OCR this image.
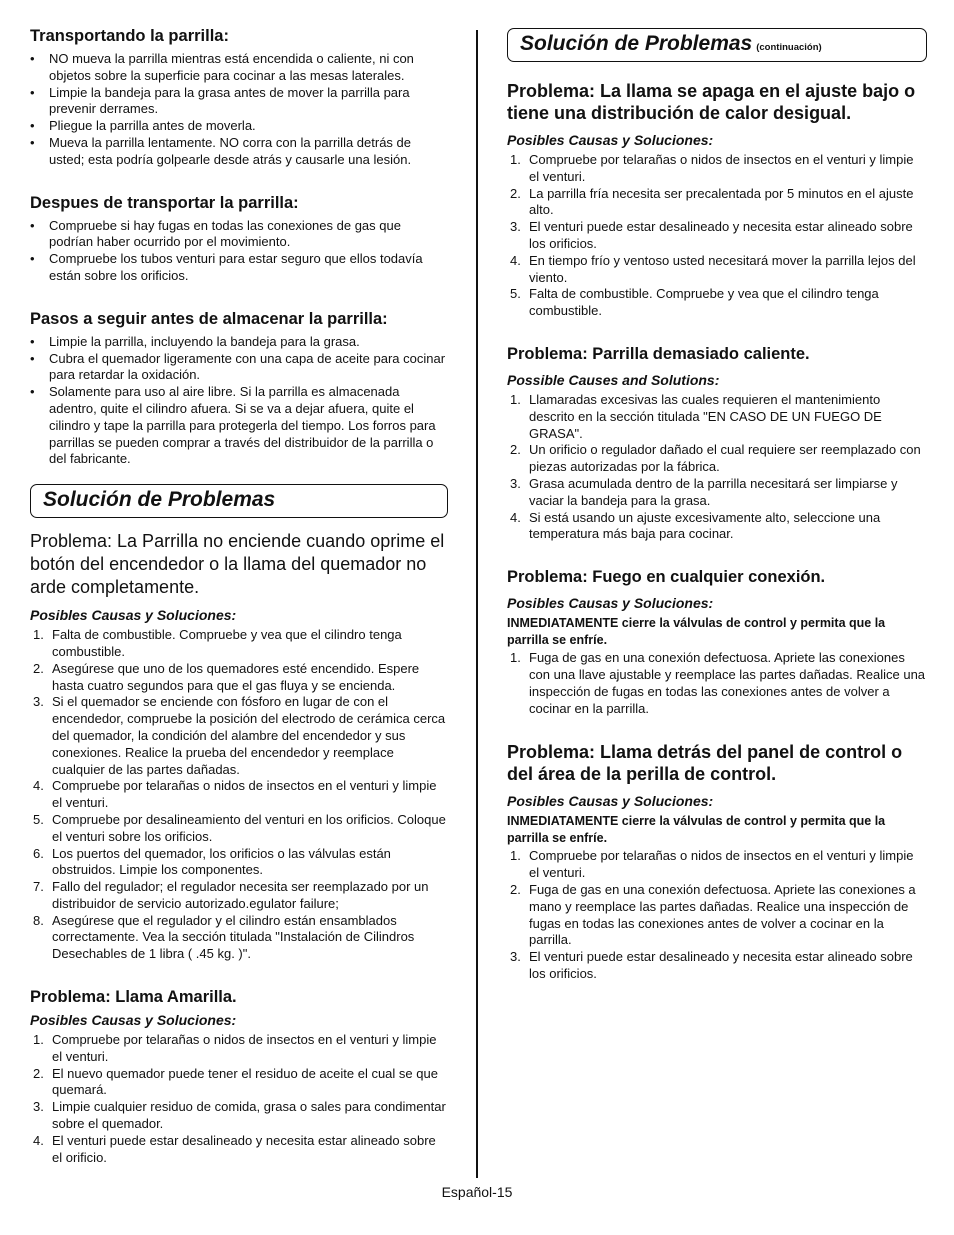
Transportando la parrilla:
• NO mueva la parrilla mientras está encendida o caliente, ni con objetos sobre la superficie para cocinar a las mesas laterales.
• Limpie la bandeja para la grasa antes de mover la parrilla para prevenir derrames.
• Pliegue la parrilla antes de moverla.
• Mueva la parrilla lentamente. NO corra con la parrilla detrás de usted; esta podría golpearle desde atrás y causarle una lesión.
Despues de transportar la parrilla:
• Compruebe si hay fugas en todas las conexiones de gas que podrían haber ocurrido por el movimiento.
• Compruebe los tubos venturi para estar seguro que ellos todavía están sobre los orificios.
Pasos a seguir antes de almacenar la parrilla:
• Limpie la parrilla, incluyendo la bandeja para la grasa.
• Cubra el quemador ligeramente con una capa de aceite para cocinar para retardar la oxidación.
• Solamente para uso al aire libre. Si la parrilla es almacenada adentro, quite el cilindro afuera. Si se va a dejar afuera, quite el cilindro y tape la parrilla para protegerla del tiempo. Los forros para parrillas se pueden comprar a través del distribuidor de la parrilla o del fabricante.
Solución de Problemas

Problema: La Parrilla no enciende cuando oprime el botón del encendedor o la llama del quemador no arde completamente.

Posibles Causas y Soluciones:
1. Falta de combustible. Compruebe y vea que el cilindro tenga combustible.
2. Asegúrese que uno de los quemadores esté encendido. Espere hasta cuatro segundos para que el gas fluya y se encienda.
3. Si el quemador se enciende con fósforo en lugar de con el encendedor, compruebe la posición del electrodo de cerámica cerca del quemador, la condición del alambre del encendedor y sus conexiones. Realice la prueba del encendedor y reemplace cualquier de las partes dañadas.
4. Compruebe por telarañas o nidos de insectos en el venturi y limpie el venturi.
5. Compruebe por desalineamiento del venturi en los orificios. Coloque el venturi sobre los orificios.
6. Los puertos del quemador, los orificios o las válvulas están obstruidos. Limpie los componentes.
7. Fallo del regulador; el regulador necesita ser reemplazado por un distribuidor de servicio autorizado.egulator failure;
8. Asegúrese que el regulador y el cilindro están ensamblados correctamente. Vea la sección titulada "Instalación de Cilindros Desechables de 1 libra ( .45 kg. )".
Problema: Llama Amarilla.
Posibles Causas y Soluciones:
1. Compruebe por telarañas o nidos de insectos en el venturi y limpie el venturi.
2. El nuevo quemador puede tener el residuo de aceite el cual se que quemará.
3. Limpie cualquier residuo de comida, grasa o sales para condimentar sobre el quemador.
4. El venturi puede estar desalineado y necesita estar alineado sobre el orificio.
Solución de Problemas (continuación)
Problema: La llama se apaga en el ajuste bajo o tiene una distribución de calor desigual.
Posibles Causas y Soluciones:
1. Compruebe por telarañas o nidos de insectos en el venturi y limpie el venturi.
2. La parrilla fría necesita ser precalentada por 5 minutos en el ajuste alto.
3. El venturi puede estar desalineado y necesita estar alineado sobre los orificios.
4. En tiempo frío y ventoso usted necesitará mover la parrilla lejos del viento.
5. Falta de combustible. Compruebe y vea que el cilindro tenga combustible.
Problema: Parrilla demasiado caliente.
Possible Causes and Solutions:
1. Llamaradas excesivas las cuales requieren el mantenimiento descrito en la sección titulada "EN CASO DE UN FUEGO DE GRASA".
2. Un orificio o regulador dañado el cual requiere ser reemplazado con piezas autorizadas por la fábrica.
3. Grasa acumulada dentro de la parrilla necesitará ser limpiarse y vaciar la bandeja para la grasa.
4. Si está usando un ajuste excesivamente alto, seleccione una temperatura más baja para cocinar.
Problema: Fuego en cualquier conexión.
Posibles Causas y Soluciones:

INMEDIATAMENTE cierre la válvulas de control y permita que la parrilla se enfríe.

1. Fuga de gas en una conexión defectuosa. Apriete las conexiones con una llave ajustable y reemplace las partes dañadas. Realice una inspección de fugas en todas las conexiones antes de volver a cocinar en la parrilla.
Problema: Llama detrás del panel de control o del área de la perilla de control.
Posibles Causas y Soluciones:

INMEDIATAMENTE cierre la válvulas de control y permita que la parrilla se enfríe.

1. Compruebe por telarañas o nidos de insectos en el venturi y limpie el venturi.
2. Fuga de gas en una conexión defectuosa. Apriete las conexiones a mano y reemplace las partes dañadas. Realice una inspección de fugas en todas las conexiones antes de volver a cocinar en la parrilla.
3. El venturi puede estar desalineado y necesita estar alineado sobre los orificios.
Español-15
